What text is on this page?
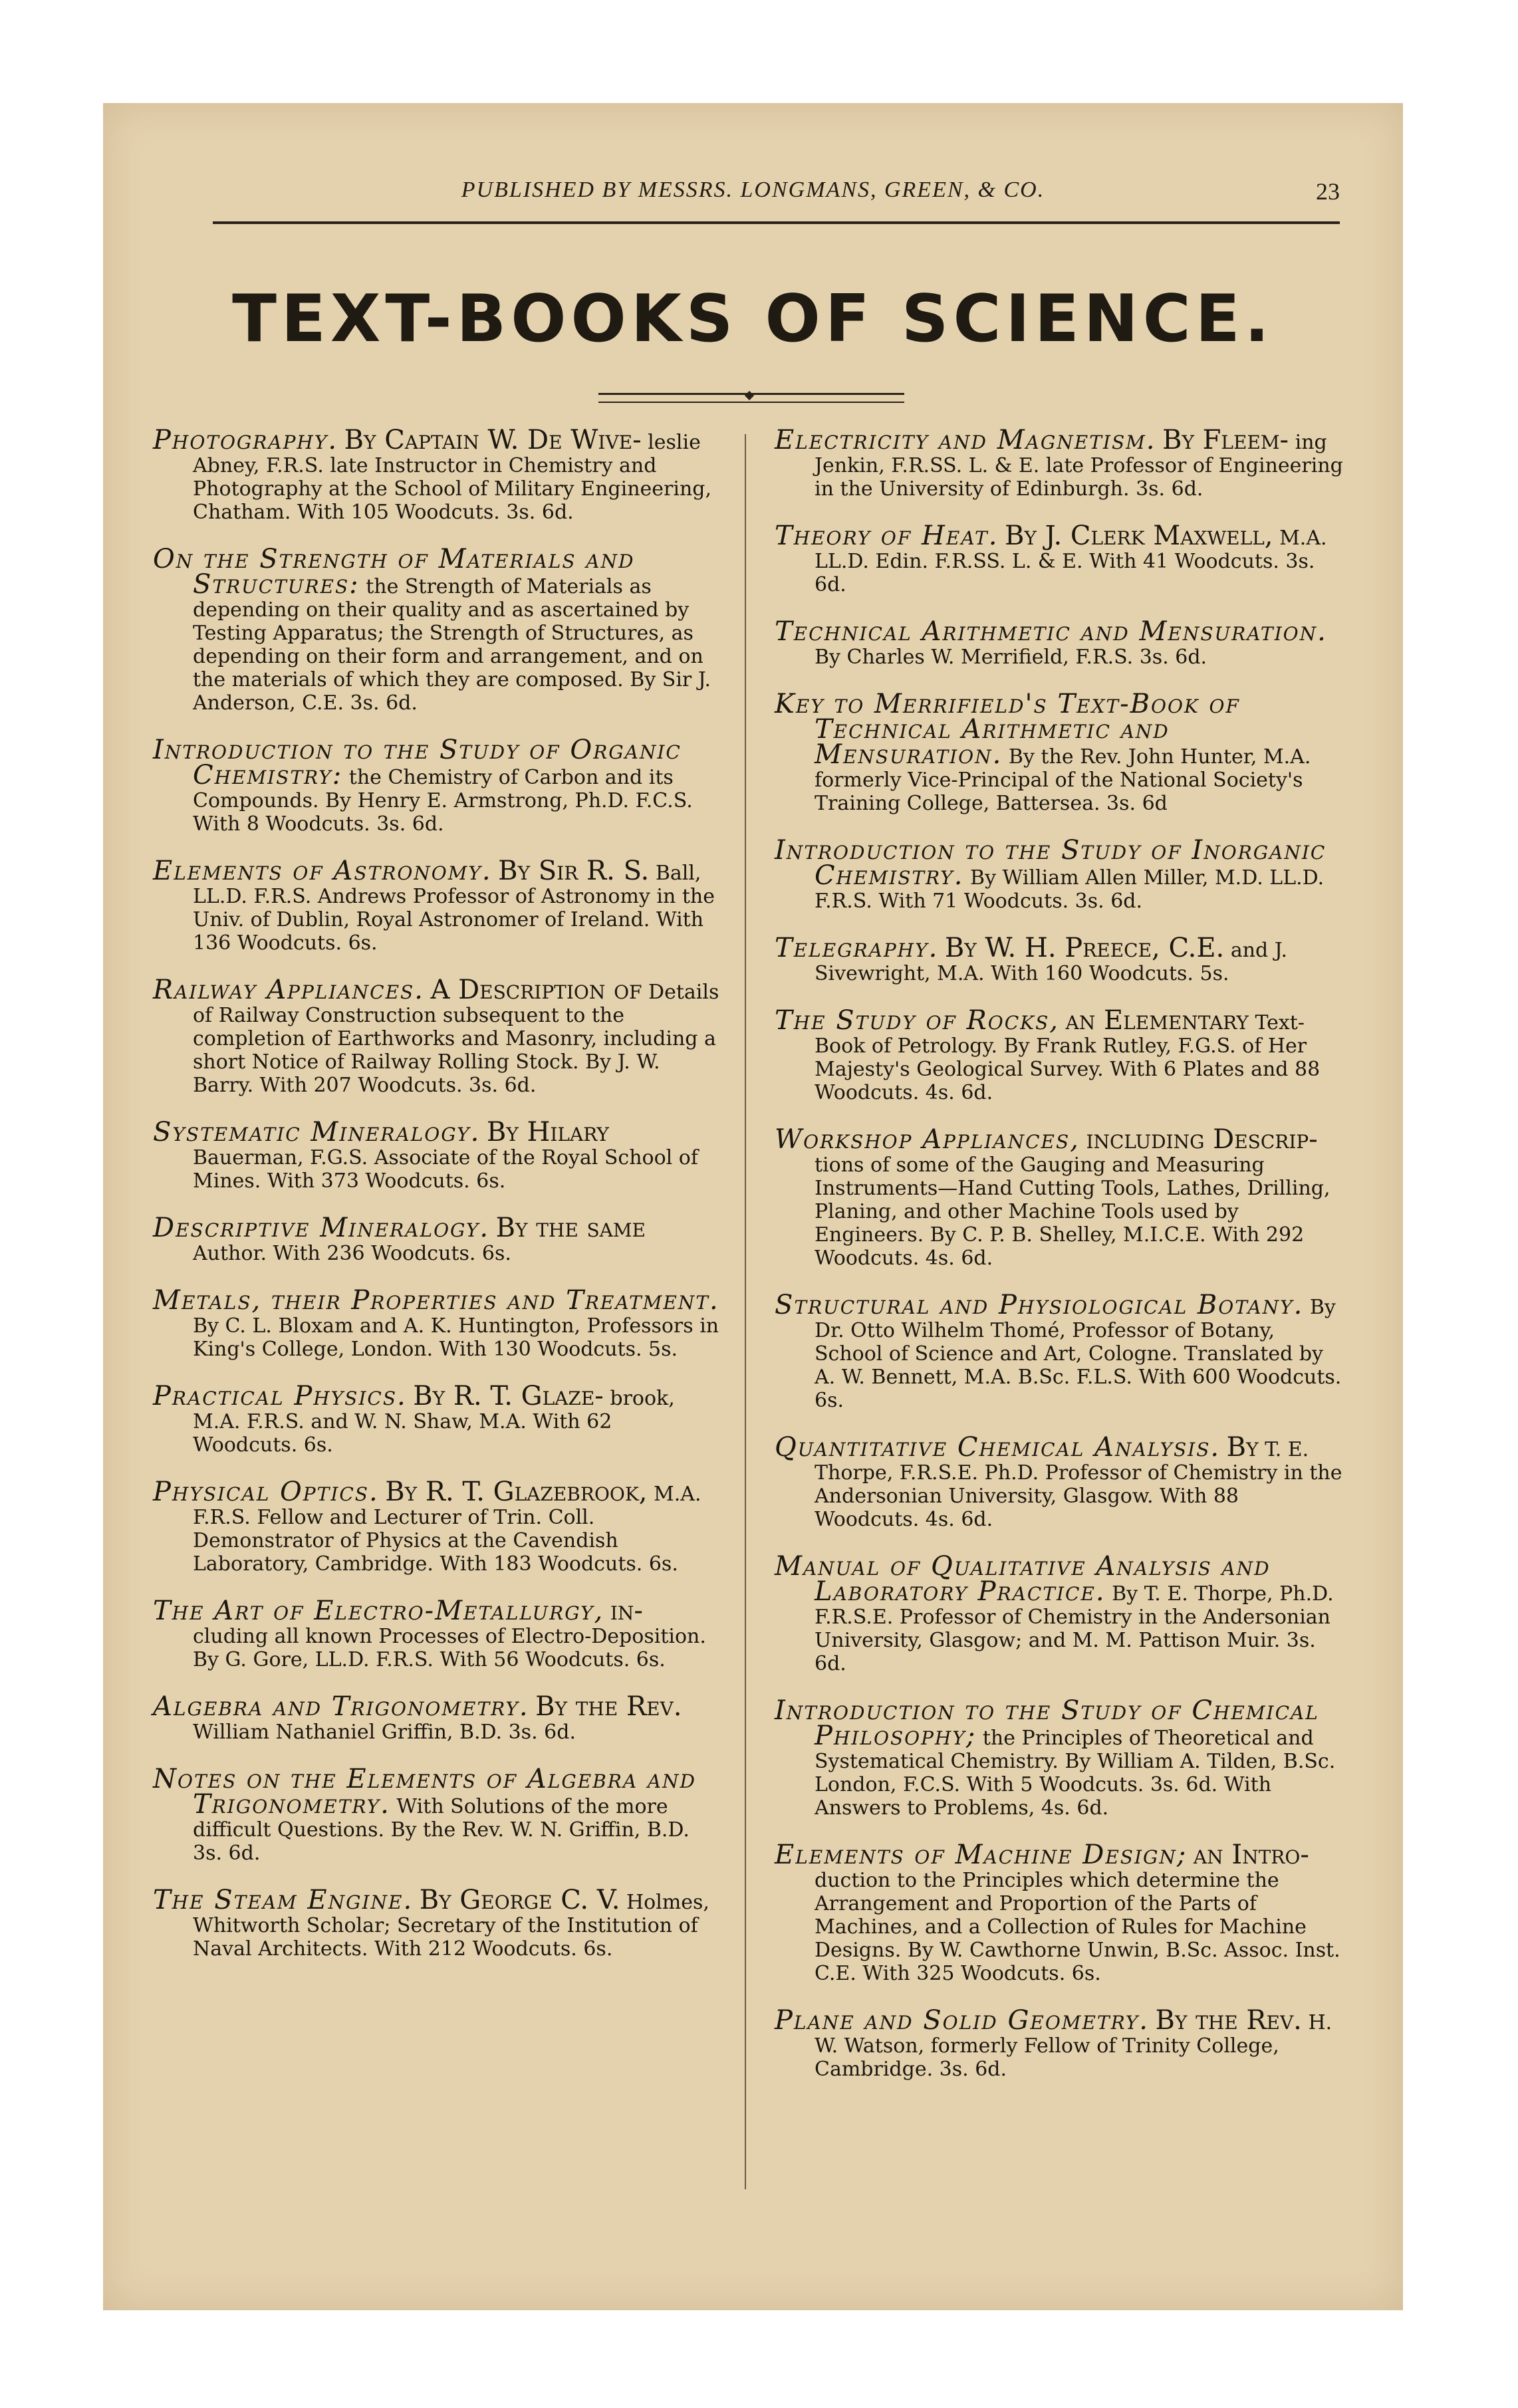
PUBLISHED BY MESSRS. LONGMANS, GREEN, & CO.	23
TEXT-BOOKS OF SCIENCE.
Photography. By Captain W. De Wive- leslie Abney, F.R.S. late Instructor in Chemistry and Photography at the School of Military Engineering, Chatham. With 105 Woodcuts. 3s. 6d.
On the Strength of Materials and Structures: the Strength of Materials as depending on their quality and as ascertained by Testing Apparatus; the Strength of Structures, as depending on their form and arrangement, and on the materials of which they are composed. By Sir J. Anderson, C.E. 3s. 6d.
Introduction to the Study of Organic Chemistry: the Chemistry of Carbon and its Compounds. By Henry E. Armstrong, Ph.D. F.C.S. With 8 Woodcuts. 3s. 6d.
Elements of Astronomy. By Sir R. S. Ball, LL.D. F.R.S. Andrews Professor of Astronomy in the Univ. of Dublin, Royal Astronomer of Ireland. With 136 Woodcuts. 6s.
Railway Appliances. A Description of Details of Railway Construction subsequent to the completion of Earthworks and Masonry, including a short Notice of Railway Rolling Stock. By J. W. Barry. With 207 Woodcuts. 3s. 6d.
Systematic Mineralogy. By Hilary Bauerman, F.G.S. Associate of the Royal School of Mines. With 373 Woodcuts. 6s.
Descriptive Mineralogy. By the same Author. With 236 Woodcuts. 6s.
Metals, their Properties and Treatment. By C. L. Bloxam and A. K. Huntington, Professors in King's College, London. With 130 Woodcuts. 5s.
Practical Physics. By R. T. Glaze- brook, M.A. F.R.S. and W. N. Shaw, M.A. With 62 Woodcuts. 6s.
Physical Optics. By R. T. Glazebrook, M.A. F.R.S. Fellow and Lecturer of Trin. Coll. Demonstrator of Physics at the Cavendish Laboratory, Cambridge. With 183 Woodcuts. 6s.
The Art of Electro-Metallurgy, in- cluding all known Processes of Electro-Deposition. By G. Gore, LL.D. F.R.S. With 56 Woodcuts. 6s.
Algebra and Trigonometry. By the Rev. William Nathaniel Griffin, B.D. 3s. 6d.
Notes on the Elements of Algebra and Trigonometry. With Solutions of the more difficult Questions. By the Rev. W. N. Griffin, B.D. 3s. 6d.
The Steam Engine. By George C. V. Holmes, Whitworth Scholar; Secretary of the Institution of Naval Architects. With 212 Woodcuts. 6s.
Electricity and Magnetism. By Fleem- ing Jenkin, F.R.SS. L. & E. late Professor of Engineering in the University of Edinburgh. 3s. 6d.
Theory of Heat. By J. Clerk Maxwell, M.A. LL.D. Edin. F.R.SS. L. & E. With 41 Woodcuts. 3s. 6d.
Technical Arithmetic and Mensuration. By Charles W. Merrifield, F.R.S. 3s. 6d.
Key to Merrifield's Text-Book of Technical Arithmetic and Mensuration. By the Rev. John Hunter, M.A. formerly Vice-Principal of the National Society's Training College, Battersea. 3s. 6d
Introduction to the Study of Inorganic Chemistry. By William Allen Miller, M.D. LL.D. F.R.S. With 71 Woodcuts. 3s. 6d.
Telegraphy. By W. H. Preece, C.E. and J. Sivewright, M.A. With 160 Woodcuts. 5s.
The Study of Rocks, an Elementary Text-Book of Petrology. By Frank Rutley, F.G.S. of Her Majesty's Geological Survey. With 6 Plates and 88 Woodcuts. 4s. 6d.
Workshop Appliances, including Descrip- tions of some of the Gauging and Measuring Instruments—Hand Cutting Tools, Lathes, Drilling, Planing, and other Machine Tools used by Engineers. By C. P. B. Shelley, M.I.C.E. With 292 Woodcuts. 4s. 6d.
Structural and Physiological Botany. By Dr. Otto Wilhelm Thomé, Professor of Botany, School of Science and Art, Cologne. Translated by A. W. Bennett, M.A. B.Sc. F.L.S. With 600 Woodcuts. 6s.
Quantitative Chemical Analysis. By T. E. Thorpe, F.R.S.E. Ph.D. Professor of Chemistry in the Andersonian University, Glasgow. With 88 Woodcuts. 4s. 6d.
Manual of Qualitative Analysis and Laboratory Practice. By T. E. Thorpe, Ph.D. F.R.S.E. Professor of Chemistry in the Andersonian University, Glasgow; and M. M. Pattison Muir. 3s. 6d.
Introduction to the Study of Chemical Philosophy; the Principles of Theoretical and Systematical Chemistry. By William A. Tilden, B.Sc. London, F.C.S. With 5 Woodcuts. 3s. 6d. With Answers to Problems, 4s. 6d.
Elements of Machine Design; an Intro- duction to the Principles which determine the Arrangement and Proportion of the Parts of Machines, and a Collection of Rules for Machine Designs. By W. Cawthorne Unwin, B.Sc. Assoc. Inst. C.E. With 325 Woodcuts. 6s.
Plane and Solid Geometry. By the Rev. H. W. Watson, formerly Fellow of Trinity College, Cambridge. 3s. 6d.
